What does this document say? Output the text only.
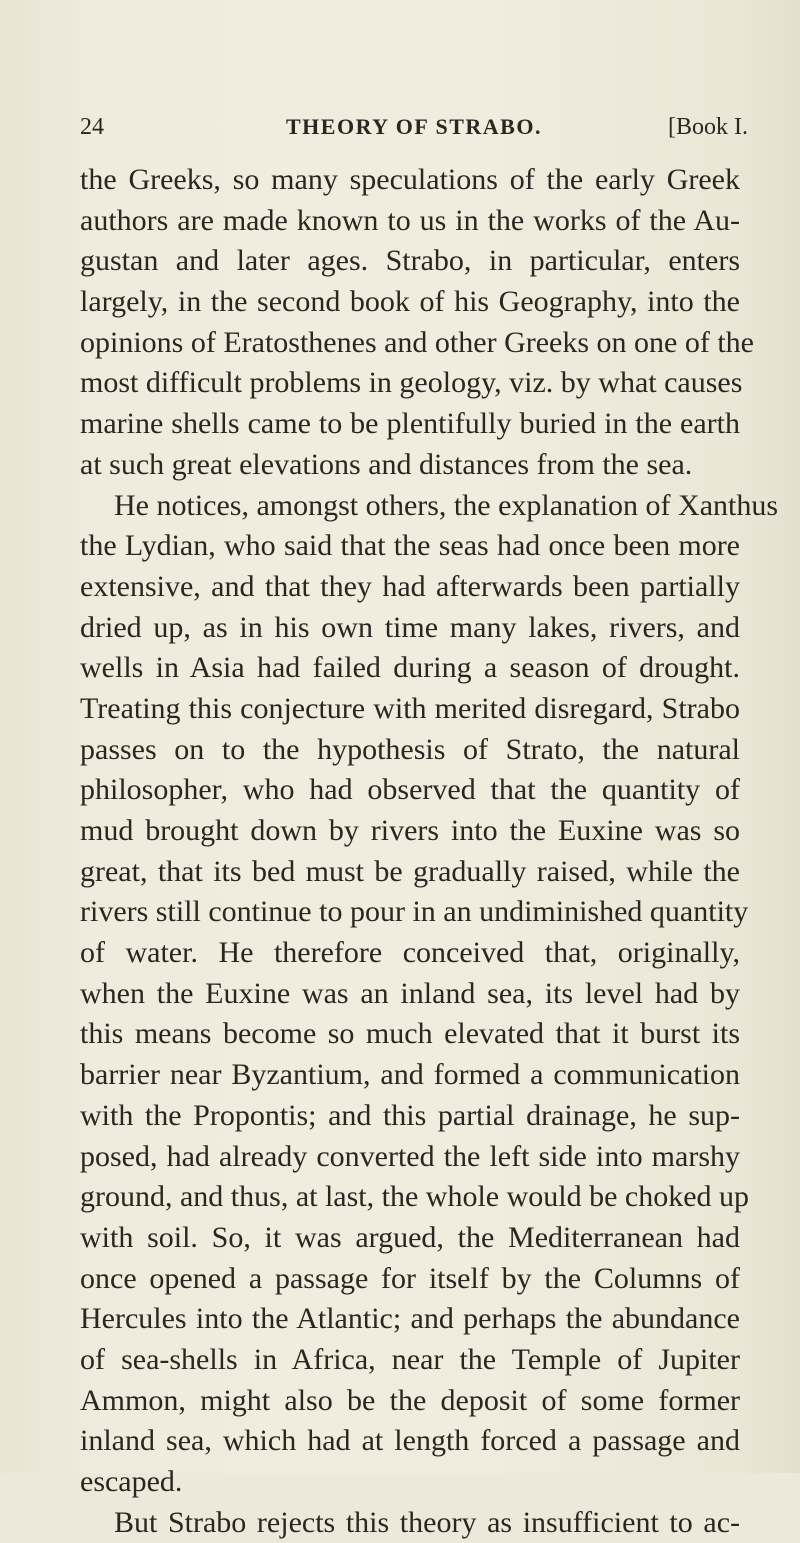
24	THEORY OF STRABO.	[Book I.
the Greeks, so many speculations of the early Greek
authors are made known to us in the works of the Au-
gustan and later ages. Strabo, in particular, enters
largely, in the second book of his Geography, into the
opinions of Eratosthenes and other Greeks on one of the
most difficult problems in geology, viz. by what causes
marine shells came to be plentifully buried in the earth
at such great elevations and distances from the sea.
He notices, amongst others, the explanation of Xanthus
the Lydian, who said that the seas had once been more
extensive, and that they had afterwards been partially
dried up, as in his own time many lakes, rivers, and
wells in Asia had failed during a season of drought.
Treating this conjecture with merited disregard, Strabo
passes on to the hypothesis of Strato, the natural
philosopher, who had observed that the quantity of
mud brought down by rivers into the Euxine was so
great, that its bed must be gradually raised, while the
rivers still continue to pour in an undiminished quantity
of water. He therefore conceived that, originally,
when the Euxine was an inland sea, its level had by
this means become so much elevated that it burst its
barrier near Byzantium, and formed a communication
with the Propontis; and this partial drainage, he sup-
posed, had already converted the left side into marshy
ground, and thus, at last, the whole would be choked up
with soil. So, it was argued, the Mediterranean had
once opened a passage for itself by the Columns of
Hercules into the Atlantic; and perhaps the abundance
of sea-shells in Africa, near the Temple of Jupiter
Ammon, might also be the deposit of some former
inland sea, which had at length forced a passage and
escaped.
But Strabo rejects this theory as insufficient to ac-
